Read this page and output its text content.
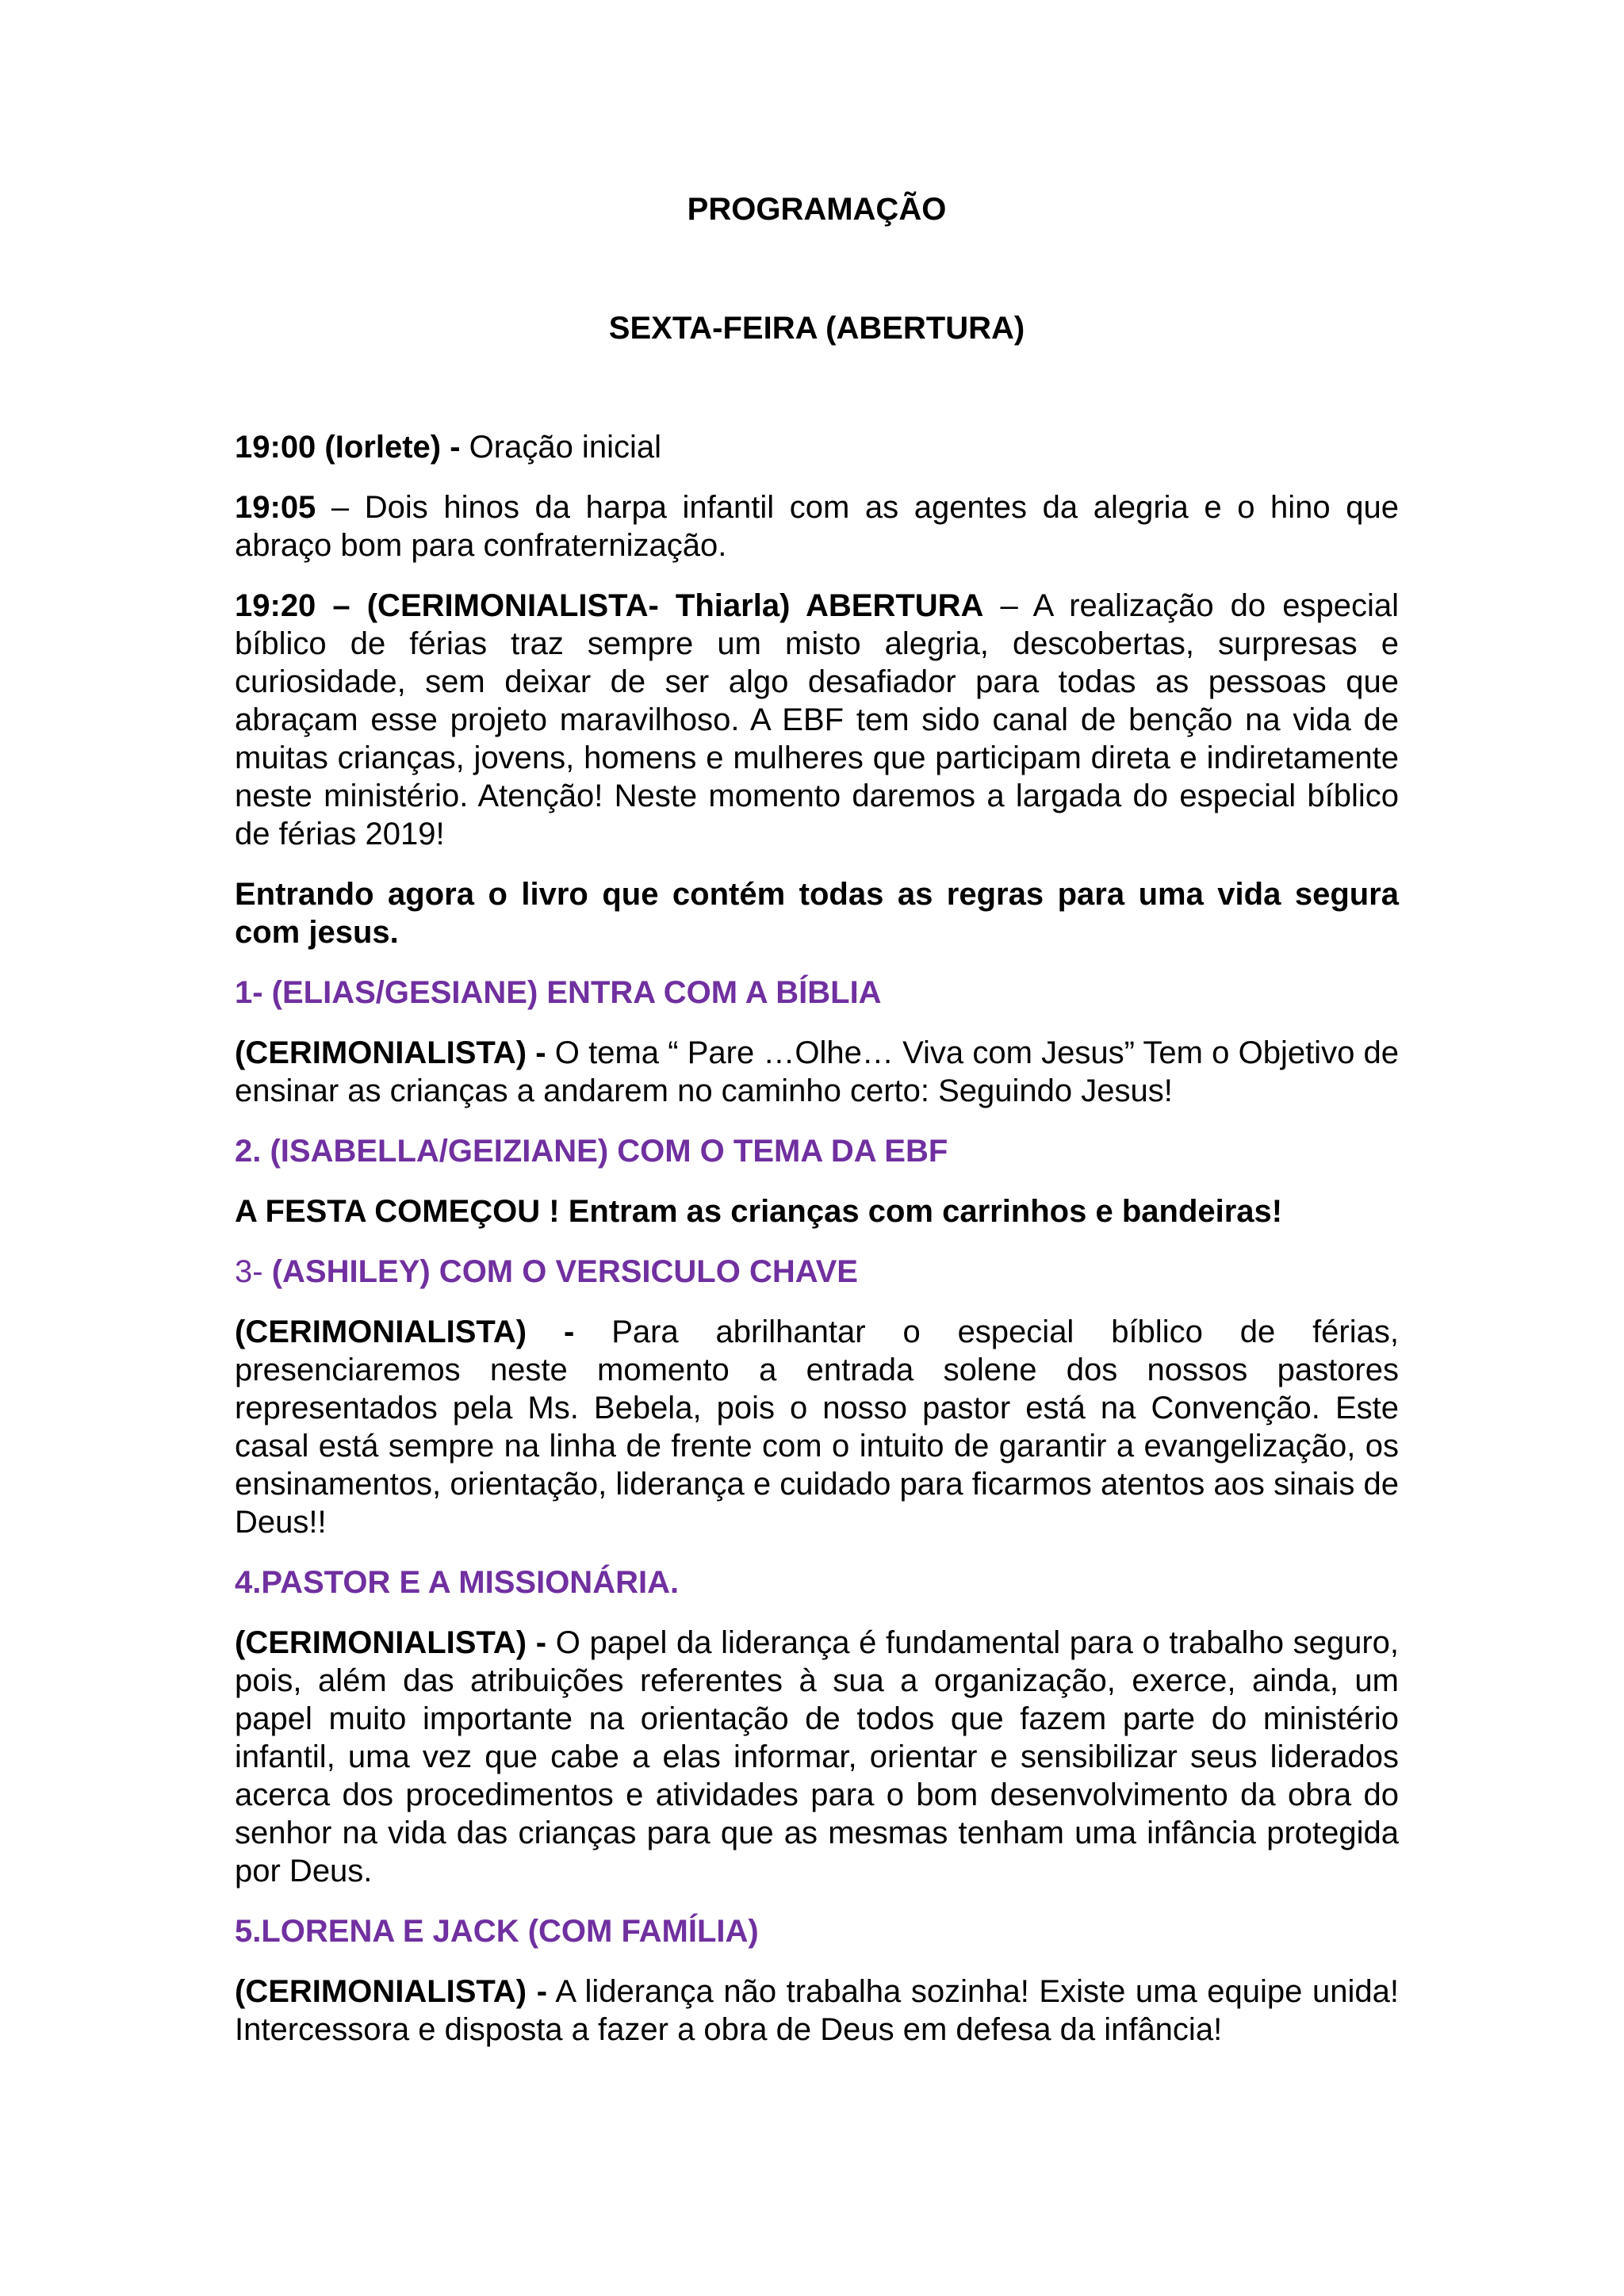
PROGRAMAÇÃO

SEXTA-FEIRA (ABERTURA)

19:00 (Iorlete) - Oração inicial

19:05 – Dois hinos da harpa infantil com as agentes da alegria e o hino que abraço bom para confraternização.

19:20 – (CERIMONIALISTA- Thiarla) ABERTURA – A realização do especial bíblico de férias traz sempre um misto alegria, descobertas, surpresas e curiosidade, sem deixar de ser algo desafiador para todas as pessoas que abraçam esse projeto maravilhoso. A EBF tem sido canal de benção na vida de muitas crianças, jovens, homens e mulheres que participam direta e indiretamente neste ministério. Atenção! Neste momento daremos a largada do especial bíblico de férias 2019!

Entrando agora o livro que contém todas as regras para uma vida segura com jesus.

1- (ELIAS/GESIANE) ENTRA COM A BÍBLIA

(CERIMONIALISTA) - O tema “ Pare …Olhe… Viva com Jesus” Tem o Objetivo de ensinar as crianças a andarem no caminho certo: Seguindo Jesus!

2. (ISABELLA/GEIZIANE) COM O TEMA DA EBF

A FESTA COMEÇOU ! Entram as crianças com carrinhos e bandeiras!

3- (ASHILEY) COM O VERSICULO CHAVE

(CERIMONIALISTA) - Para abrilhantar o especial bíblico de férias, presenciaremos neste momento a entrada solene dos nossos pastores representados pela Ms. Bebela, pois o nosso pastor está na Convenção. Este casal está sempre na linha de frente com o intuito de garantir a evangelização, os ensinamentos, orientação, liderança e cuidado para ficarmos atentos aos sinais de Deus!!

4.PASTOR E A MISSIONÁRIA.

(CERIMONIALISTA) - O papel da liderança é fundamental para o trabalho seguro, pois, além das atribuições referentes à sua a organização, exerce, ainda, um papel muito importante na orientação de todos que fazem parte do ministério infantil, uma vez que cabe a elas informar, orientar e sensibilizar seus liderados acerca dos procedimentos e atividades para o bom desenvolvimento da obra do senhor na vida das crianças para que as mesmas tenham uma infância protegida por Deus.

5.LORENA E JACK (COM FAMÍLIA)

(CERIMONIALISTA) - A liderança não trabalha sozinha! Existe uma equipe unida! Intercessora e disposta a fazer a obra de Deus em defesa da infância!
